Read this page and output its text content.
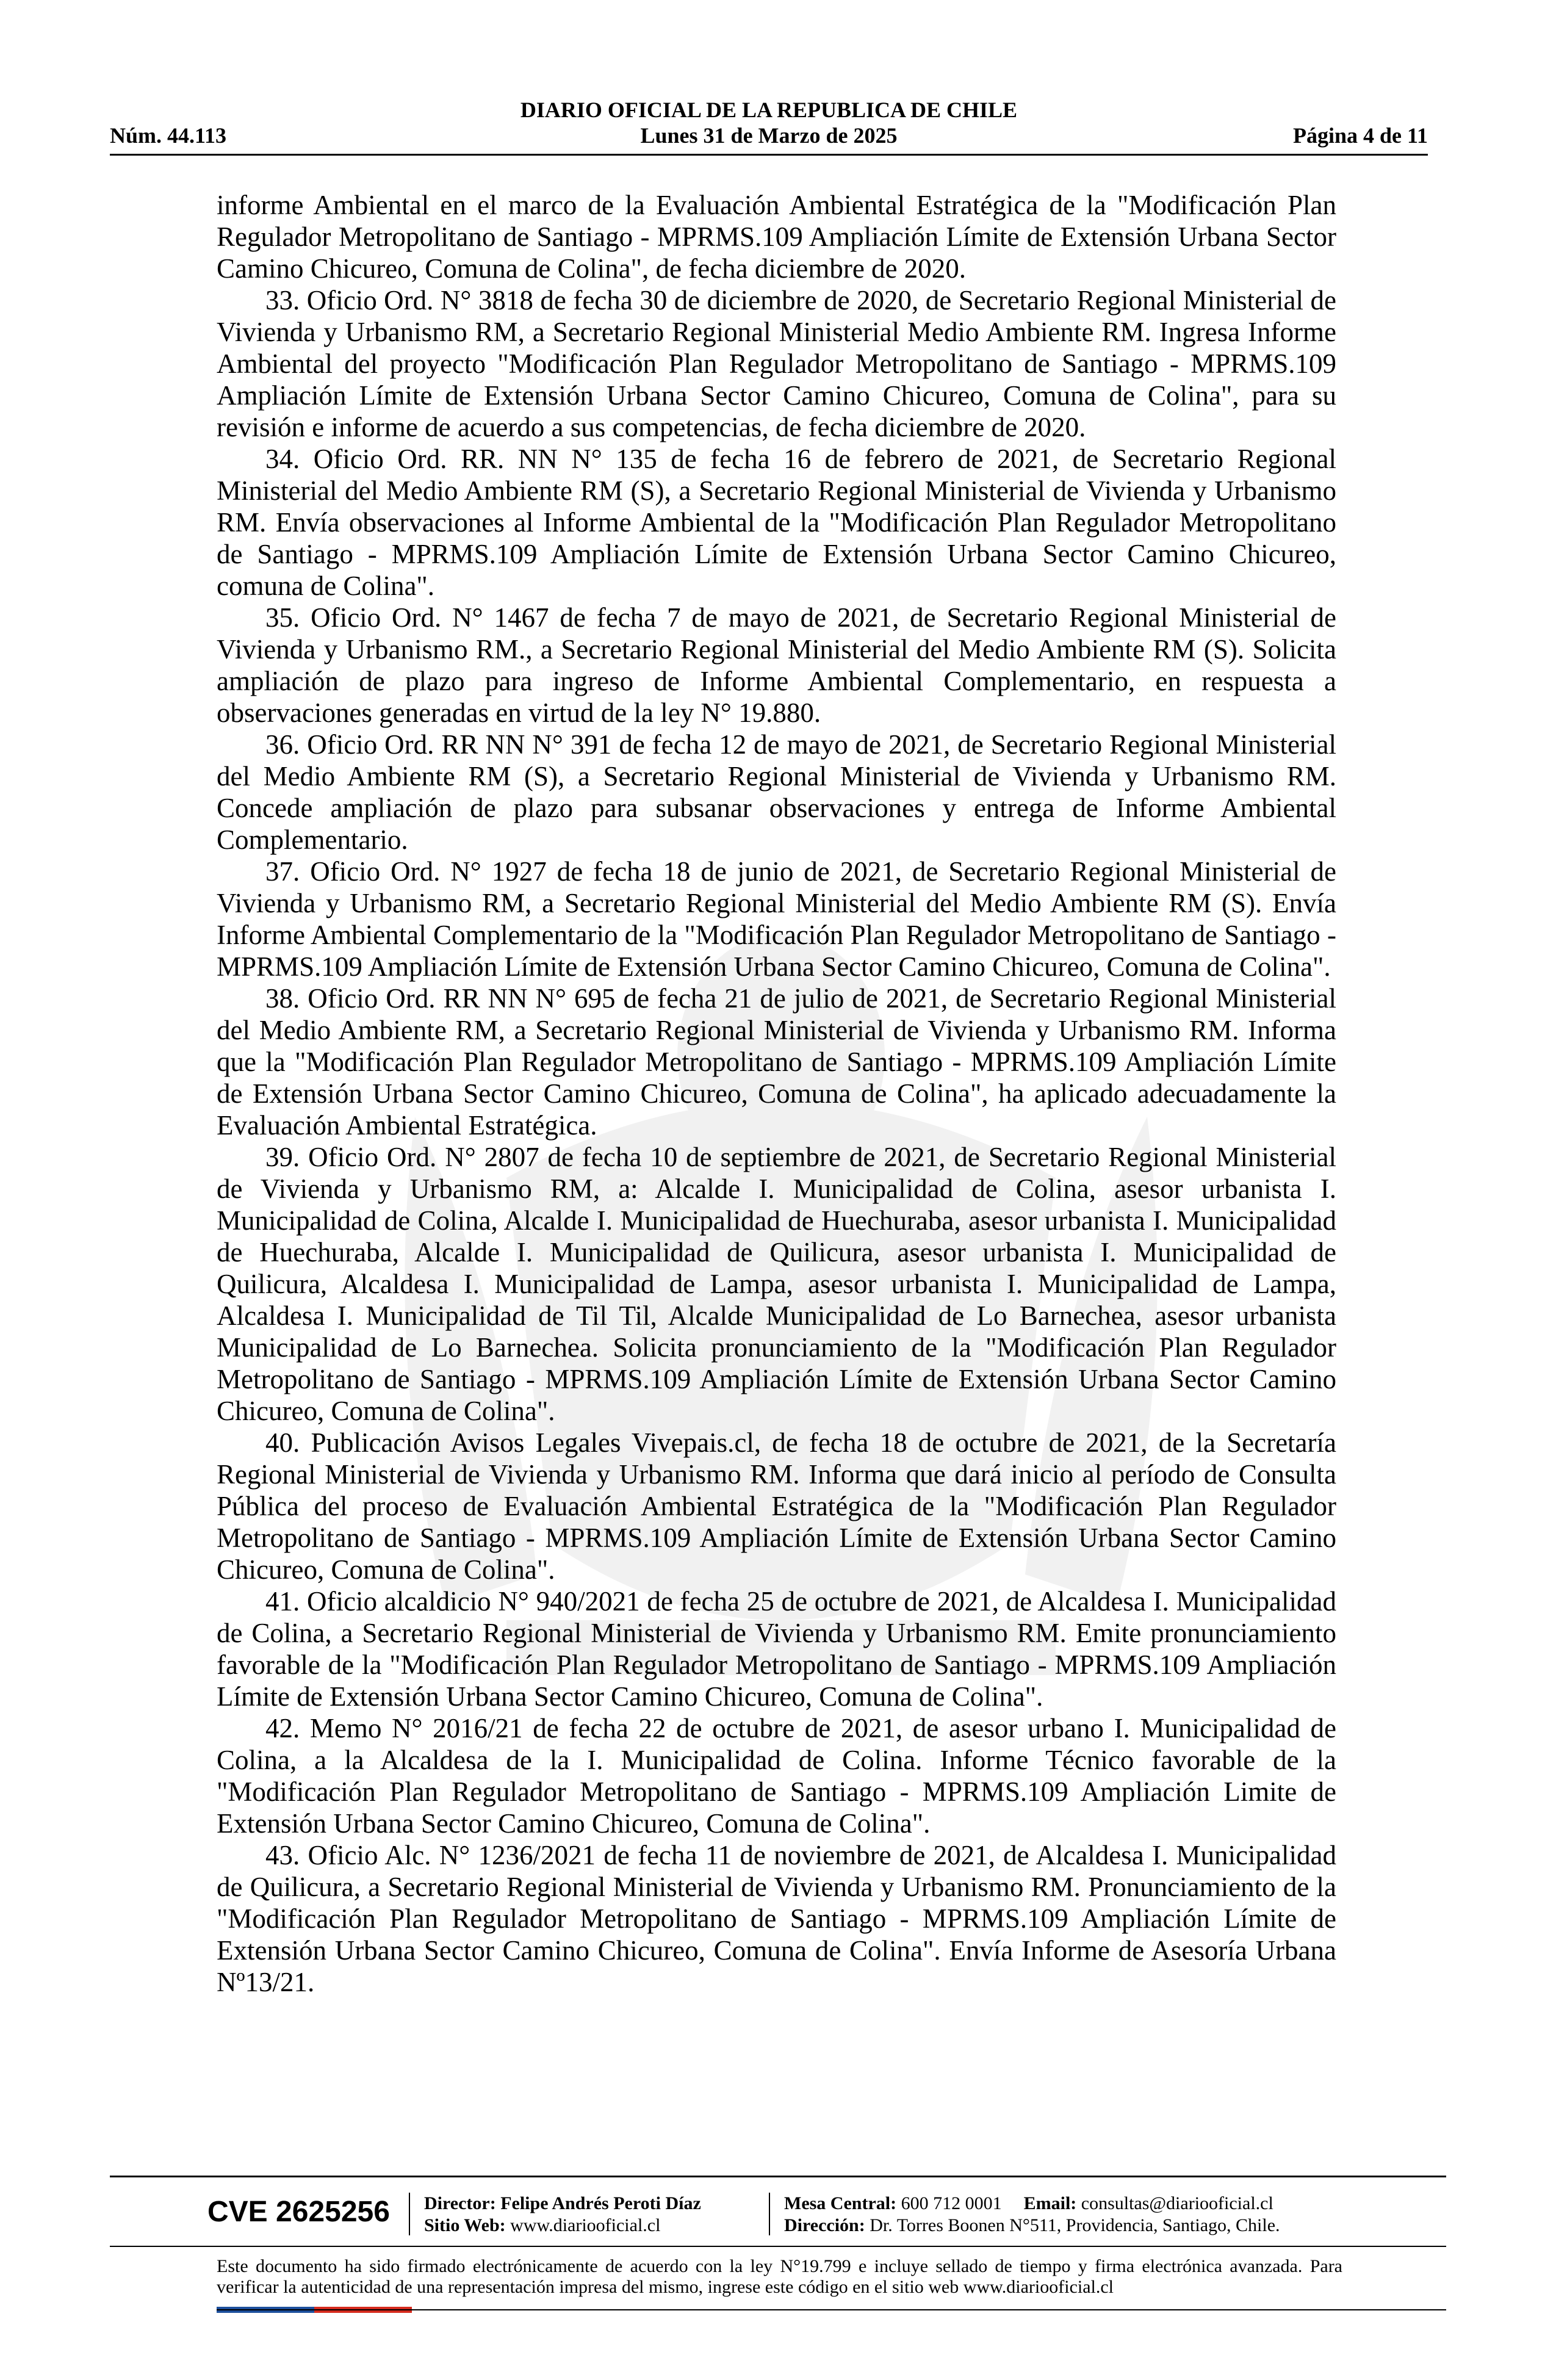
DIARIO OFICIAL DE LA REPUBLICA DE CHILE
Núm. 44.113	Lunes 31 de Marzo de 2025	Página 4 de 11

informe Ambiental en el marco de la Evaluación Ambiental Estratégica de la "Modificación Plan Regulador Metropolitano de Santiago - MPRMS.109 Ampliación Límite de Extensión Urbana Sector Camino Chicureo, Comuna de Colina", de fecha diciembre de 2020.

33. Oficio Ord. N° 3818 de fecha 30 de diciembre de 2020, de Secretario Regional Ministerial de Vivienda y Urbanismo RM, a Secretario Regional Ministerial Medio Ambiente RM. Ingresa Informe Ambiental del proyecto "Modificación Plan Regulador Metropolitano de Santiago - MPRMS.109 Ampliación Límite de Extensión Urbana Sector Camino Chicureo, Comuna de Colina", para su revisión e informe de acuerdo a sus competencias, de fecha diciembre de 2020.

34. Oficio Ord. RR. NN N° 135 de fecha 16 de febrero de 2021, de Secretario Regional Ministerial del Medio Ambiente RM (S), a Secretario Regional Ministerial de Vivienda y Urbanismo RM. Envía observaciones al Informe Ambiental de la "Modificación Plan Regulador Metropolitano de Santiago - MPRMS.109 Ampliación Límite de Extensión Urbana Sector Camino Chicureo, comuna de Colina".

35. Oficio Ord. N° 1467 de fecha 7 de mayo de 2021, de Secretario Regional Ministerial de Vivienda y Urbanismo RM., a Secretario Regional Ministerial del Medio Ambiente RM (S). Solicita ampliación de plazo para ingreso de Informe Ambiental Complementario, en respuesta a observaciones generadas en virtud de la ley N° 19.880.

36. Oficio Ord. RR NN N° 391 de fecha 12 de mayo de 2021, de Secretario Regional Ministerial del Medio Ambiente RM (S), a Secretario Regional Ministerial de Vivienda y Urbanismo RM. Concede ampliación de plazo para subsanar observaciones y entrega de Informe Ambiental Complementario.

37. Oficio Ord. N° 1927 de fecha 18 de junio de 2021, de Secretario Regional Ministerial de Vivienda y Urbanismo RM, a Secretario Regional Ministerial del Medio Ambiente RM (S). Envía Informe Ambiental Complementario de la "Modificación Plan Regulador Metropolitano de Santiago - MPRMS.109 Ampliación Límite de Extensión Urbana Sector Camino Chicureo, Comuna de Colina".

38. Oficio Ord. RR NN N° 695 de fecha 21 de julio de 2021, de Secretario Regional Ministerial del Medio Ambiente RM, a Secretario Regional Ministerial de Vivienda y Urbanismo RM. Informa que la "Modificación Plan Regulador Metropolitano de Santiago - MPRMS.109 Ampliación Límite de Extensión Urbana Sector Camino Chicureo, Comuna de Colina", ha aplicado adecuadamente la Evaluación Ambiental Estratégica.

39. Oficio Ord. N° 2807 de fecha 10 de septiembre de 2021, de Secretario Regional Ministerial de Vivienda y Urbanismo RM, a: Alcalde I. Municipalidad de Colina, asesor urbanista I. Municipalidad de Colina, Alcalde I. Municipalidad de Huechuraba, asesor urbanista I. Municipalidad de Huechuraba, Alcalde I. Municipalidad de Quilicura, asesor urbanista I. Municipalidad de Quilicura, Alcaldesa I. Municipalidad de Lampa, asesor urbanista I. Municipalidad de Lampa, Alcaldesa I. Municipalidad de Til Til, Alcalde Municipalidad de Lo Barnechea, asesor urbanista Municipalidad de Lo Barnechea. Solicita pronunciamiento de la "Modificación Plan Regulador Metropolitano de Santiago - MPRMS.109 Ampliación Límite de Extensión Urbana Sector Camino Chicureo, Comuna de Colina".

40. Publicación Avisos Legales Vivepais.cl, de fecha 18 de octubre de 2021, de la Secretaría Regional Ministerial de Vivienda y Urbanismo RM. Informa que dará inicio al período de Consulta Pública del proceso de Evaluación Ambiental Estratégica de la "Modificación Plan Regulador Metropolitano de Santiago - MPRMS.109 Ampliación Límite de Extensión Urbana Sector Camino Chicureo, Comuna de Colina".

41. Oficio alcaldicio N° 940/2021 de fecha 25 de octubre de 2021, de Alcaldesa I. Municipalidad de Colina, a Secretario Regional Ministerial de Vivienda y Urbanismo RM. Emite pronunciamiento favorable de la "Modificación Plan Regulador Metropolitano de Santiago - MPRMS.109 Ampliación Límite de Extensión Urbana Sector Camino Chicureo, Comuna de Colina".

42. Memo N° 2016/21 de fecha 22 de octubre de 2021, de asesor urbano I. Municipalidad de Colina, a la Alcaldesa de la I. Municipalidad de Colina. Informe Técnico favorable de la "Modificación Plan Regulador Metropolitano de Santiago - MPRMS.109 Ampliación Limite de Extensión Urbana Sector Camino Chicureo, Comuna de Colina".

43. Oficio Alc. N° 1236/2021 de fecha 11 de noviembre de 2021, de Alcaldesa I. Municipalidad de Quilicura, a Secretario Regional Ministerial de Vivienda y Urbanismo RM. Pronunciamiento de la "Modificación Plan Regulador Metropolitano de Santiago - MPRMS.109 Ampliación Límite de Extensión Urbana Sector Camino Chicureo, Comuna de Colina". Envía Informe de Asesoría Urbana Nº13/21.

CVE 2625256 Director: Felipe Andrés Peroti Díaz
Sitio Web: www.diariooficial.cl
Mesa Central: 600 712 0001 Email: consultas@diariooficial.cl
Dirección: Dr. Torres Boonen N°511, Providencia, Santiago, Chile.
Este documento ha sido firmado electrónicamente de acuerdo con la ley N°19.799 e incluye sellado de tiempo y firma electrónica avanzada. Para verificar la autenticidad de una representación impresa del mismo, ingrese este código en el sitio web www.diariooficial.cl
